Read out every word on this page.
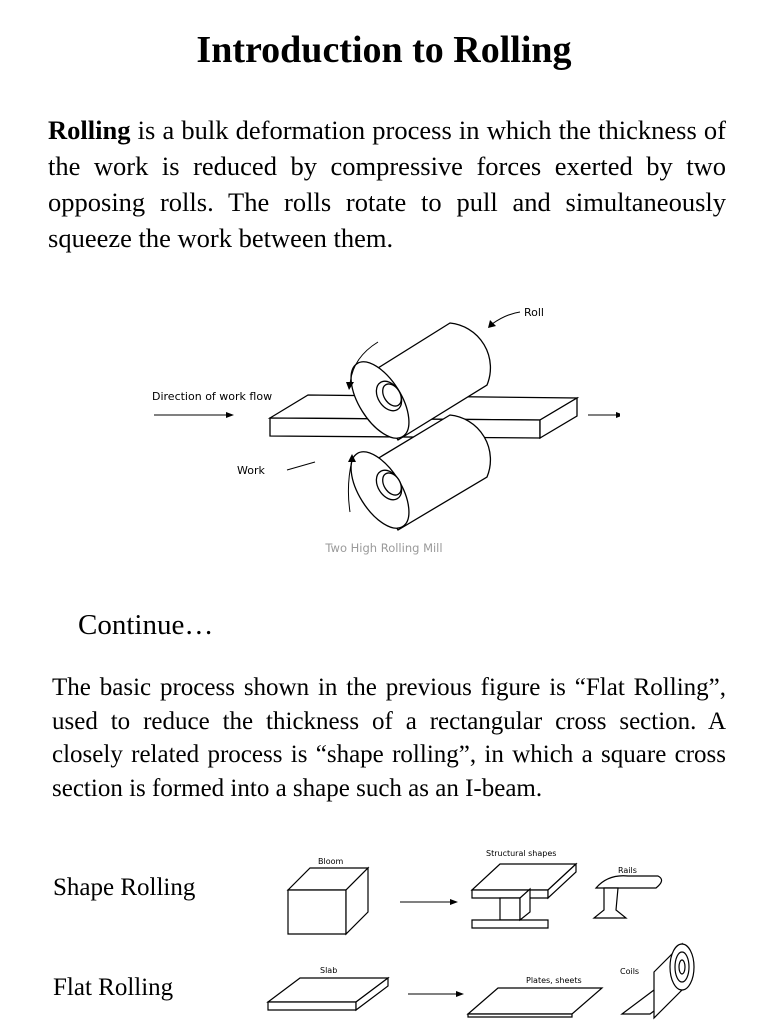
Introduction to Rolling

Rolling is a bulk deformation process in which the thickness of the work is reduced by compressive forces exerted by two opposing rolls. The rolls rotate to pull and simultaneously squeeze the work between them.

Roll
Direction of work flow
Work
Two High Rolling Mill

Continue…

The basic process shown in the previous figure is “Flat Rolling”, used to reduce the thickness of a rectangular cross section. A closely related process is “shape rolling”, in which a square cross section is formed into a shape such as an I-beam.

Shape Rolling
Flat Rolling
Bloom
Structural shapes
Rails
Slab
Plates, sheets
Coils
